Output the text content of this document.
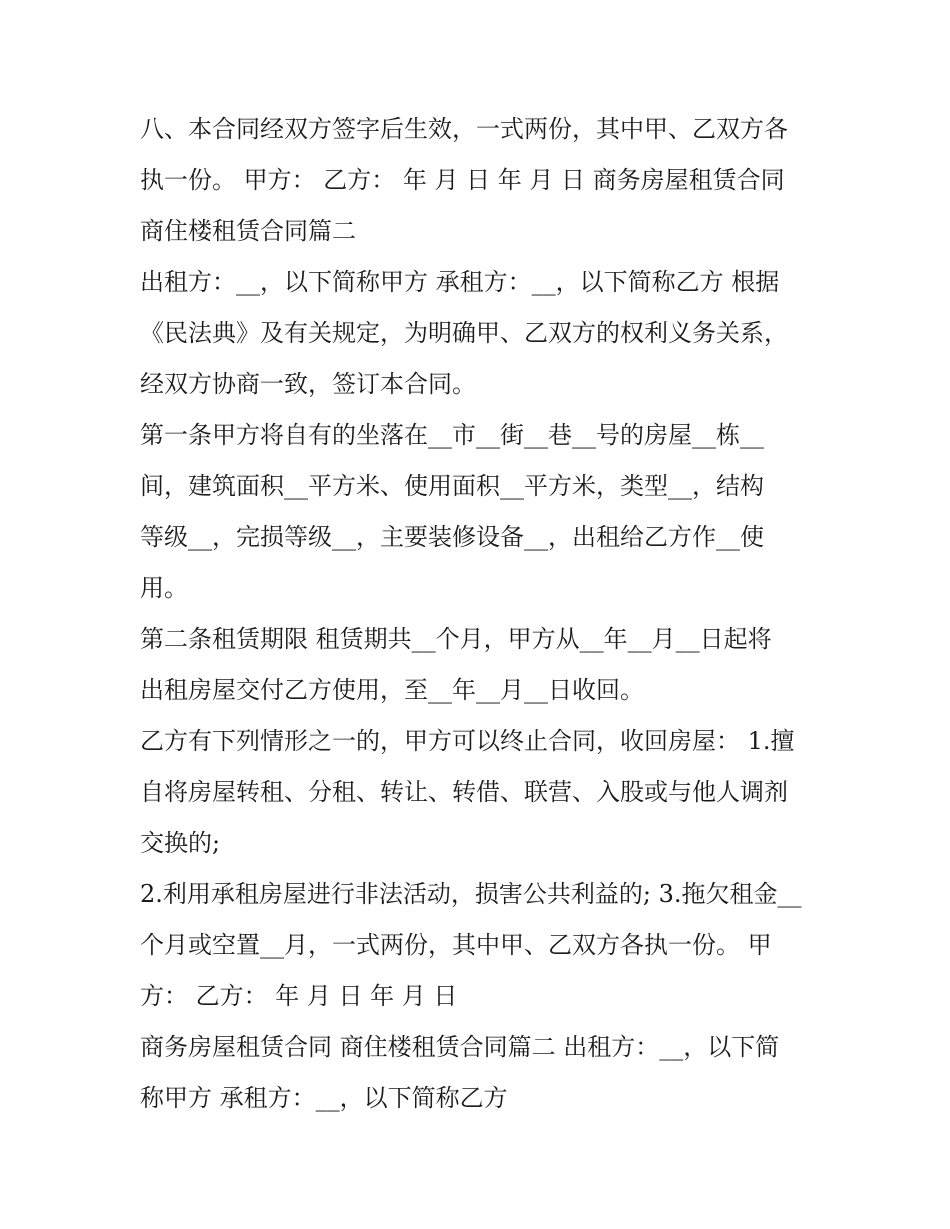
八、本合同经双方签字后生效，一式两份，其中甲、乙双方各
执一份。 甲方： 乙方： 年 月 日 年 月 日 商务房屋租赁合同
商住楼租赁合同篇二
出租方：__，以下简称甲方 承租方：__，以下简称乙方 根据
《民法典》及有关规定，为明确甲、乙双方的权利义务关系，
经双方协商一致，签订本合同。
第一条甲方将自有的坐落在__市__街__巷__号的房屋__栋__
间，建筑面积__平方米、使用面积__平方米，类型__，结构
等级__，完损等级__，主要装修设备__，出租给乙方作__使
用。
第二条租赁期限 租赁期共__个月，甲方从__年__月__日起将
出租房屋交付乙方使用，至__年__月__日收回。
乙方有下列情形之一的，甲方可以终止合同，收回房屋： 1.擅
自将房屋转租、分租、转让、转借、联营、入股或与他人调剂
交换的;
2.利用承租房屋进行非法活动，损害公共利益的; 3.拖欠租金__
个月或空置__月，一式两份，其中甲、乙双方各执一份。 甲
方： 乙方： 年 月 日 年 月 日
商务房屋租赁合同 商住楼租赁合同篇二 出租方：__，以下简
称甲方 承租方：__，以下简称乙方
